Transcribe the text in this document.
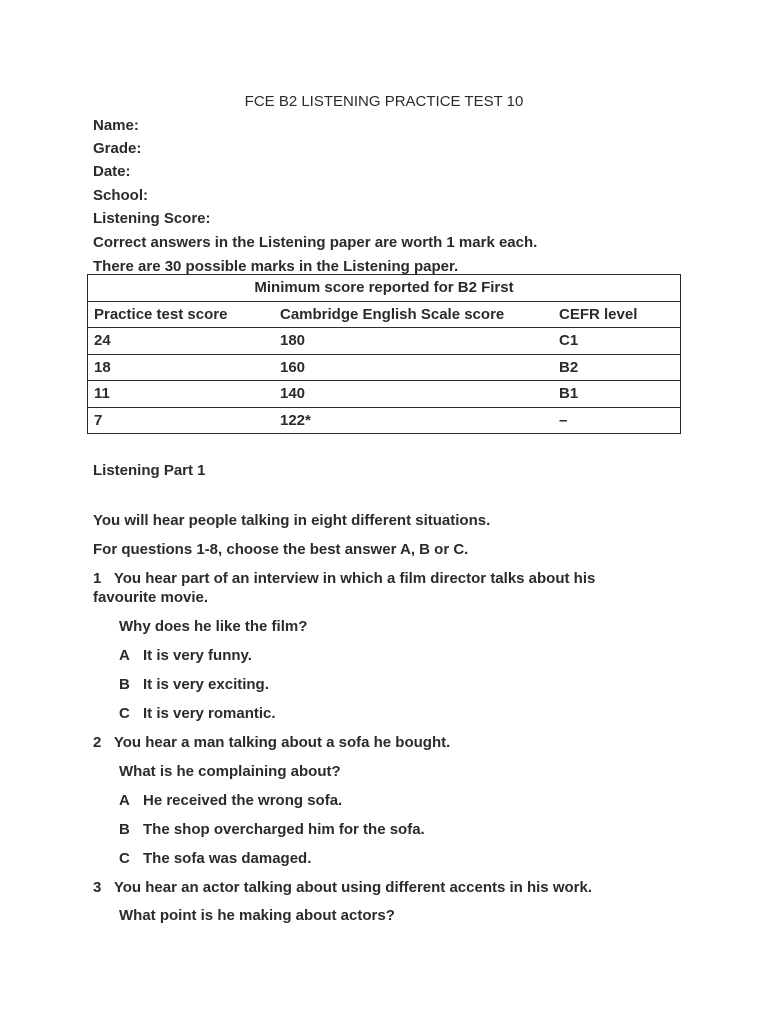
FCE B2 LISTENING PRACTICE TEST 10
Name:
Grade:
Date:
School:
Listening Score:
Correct answers in the Listening paper are worth 1 mark each.
There are 30 possible marks in the Listening paper.
Minimum score reported for B2 First		
Practice test score	Cambridge English Scale score	CEFR level
24	180	C1
18	160	B2
11	140	B1
7	122*	–
Listening Part 1
You will hear people talking in eight different situations.
For questions 1-8, choose the best answer A, B or C.
1 You hear part of an interview in which a film director talks about his
favourite movie.
Why does he like the film?
A It is very funny.
B It is very exciting.
C It is very romantic.
2 You hear a man talking about a sofa he bought.
What is he complaining about?
A He received the wrong sofa.
B The shop overcharged him for the sofa.
C The sofa was damaged.
3 You hear an actor talking about using different accents in his work.
What point is he making about actors?
